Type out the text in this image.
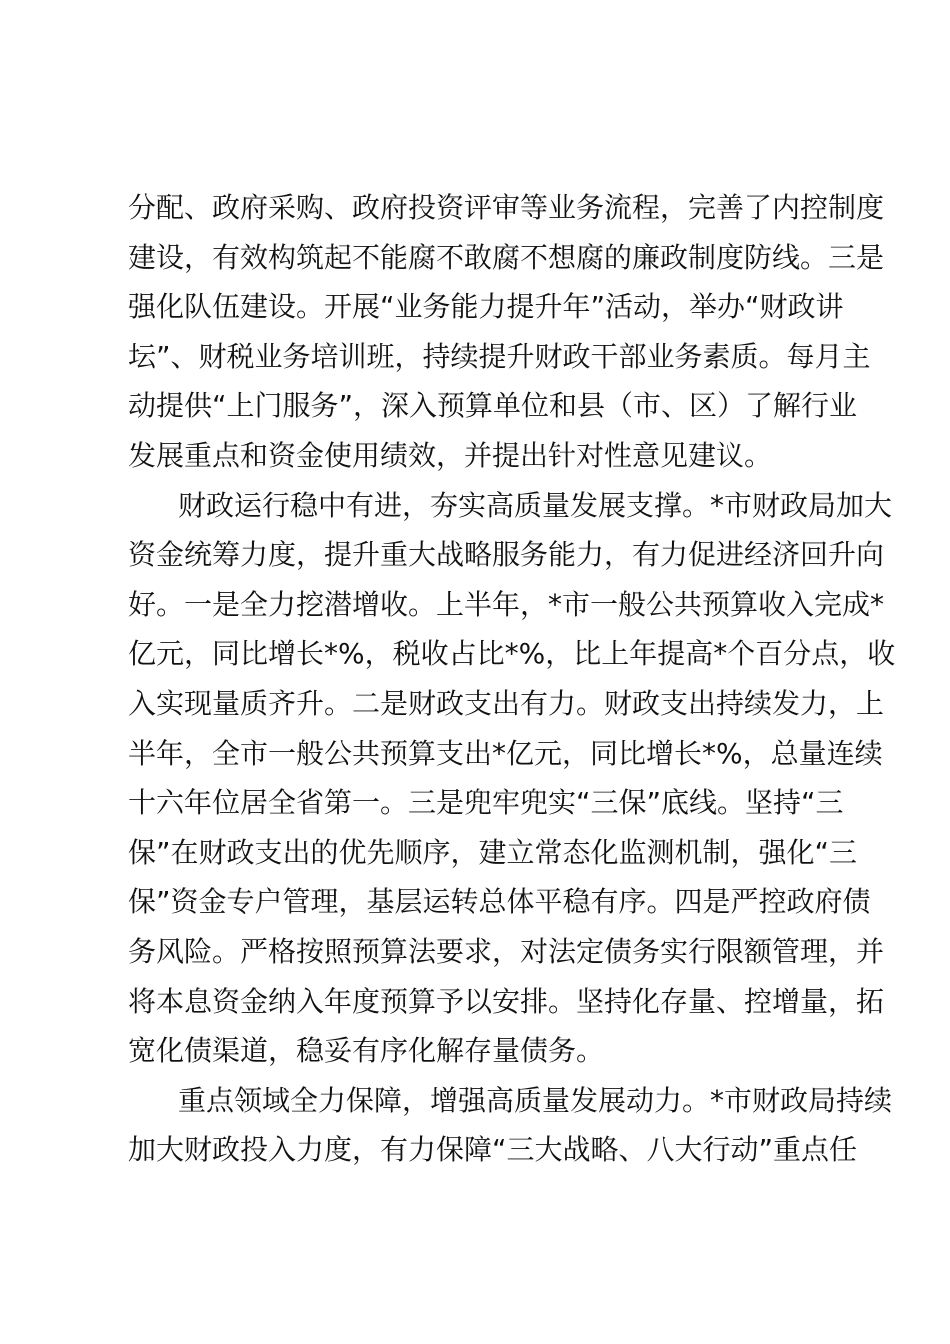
分配、政府采购、政府投资评审等业务流程，完善了内控制度
建设，有效构筑起不能腐不敢腐不想腐的廉政制度防线。三是
强化队伍建设。开展“业务能力提升年”活动，举办“财政讲
坛”、财税业务培训班，持续提升财政干部业务素质。每月主
动提供“上门服务”，深入预算单位和县（市、区）了解行业
发展重点和资金使用绩效，并提出针对性意见建议。
财政运行稳中有进，夯实高质量发展支撑。*市财政局加大
资金统筹力度，提升重大战略服务能力，有力促进经济回升向
好。一是全力挖潜增收。上半年，*市一般公共预算收入完成*
亿元，同比增长*%，税收占比*%，比上年提高*个百分点，收
入实现量质齐升。二是财政支出有力。财政支出持续发力，上
半年，全市一般公共预算支出*亿元，同比增长*%，总量连续
十六年位居全省第一。三是兜牢兜实“三保”底线。坚持“三
保”在财政支出的优先顺序，建立常态化监测机制，强化“三
保”资金专户管理，基层运转总体平稳有序。四是严控政府债
务风险。严格按照预算法要求，对法定债务实行限额管理，并
将本息资金纳入年度预算予以安排。坚持化存量、控增量，拓
宽化债渠道，稳妥有序化解存量债务。
重点领域全力保障，增强高质量发展动力。*市财政局持续
加大财政投入力度，有力保障“三大战略、八大行动”重点任
